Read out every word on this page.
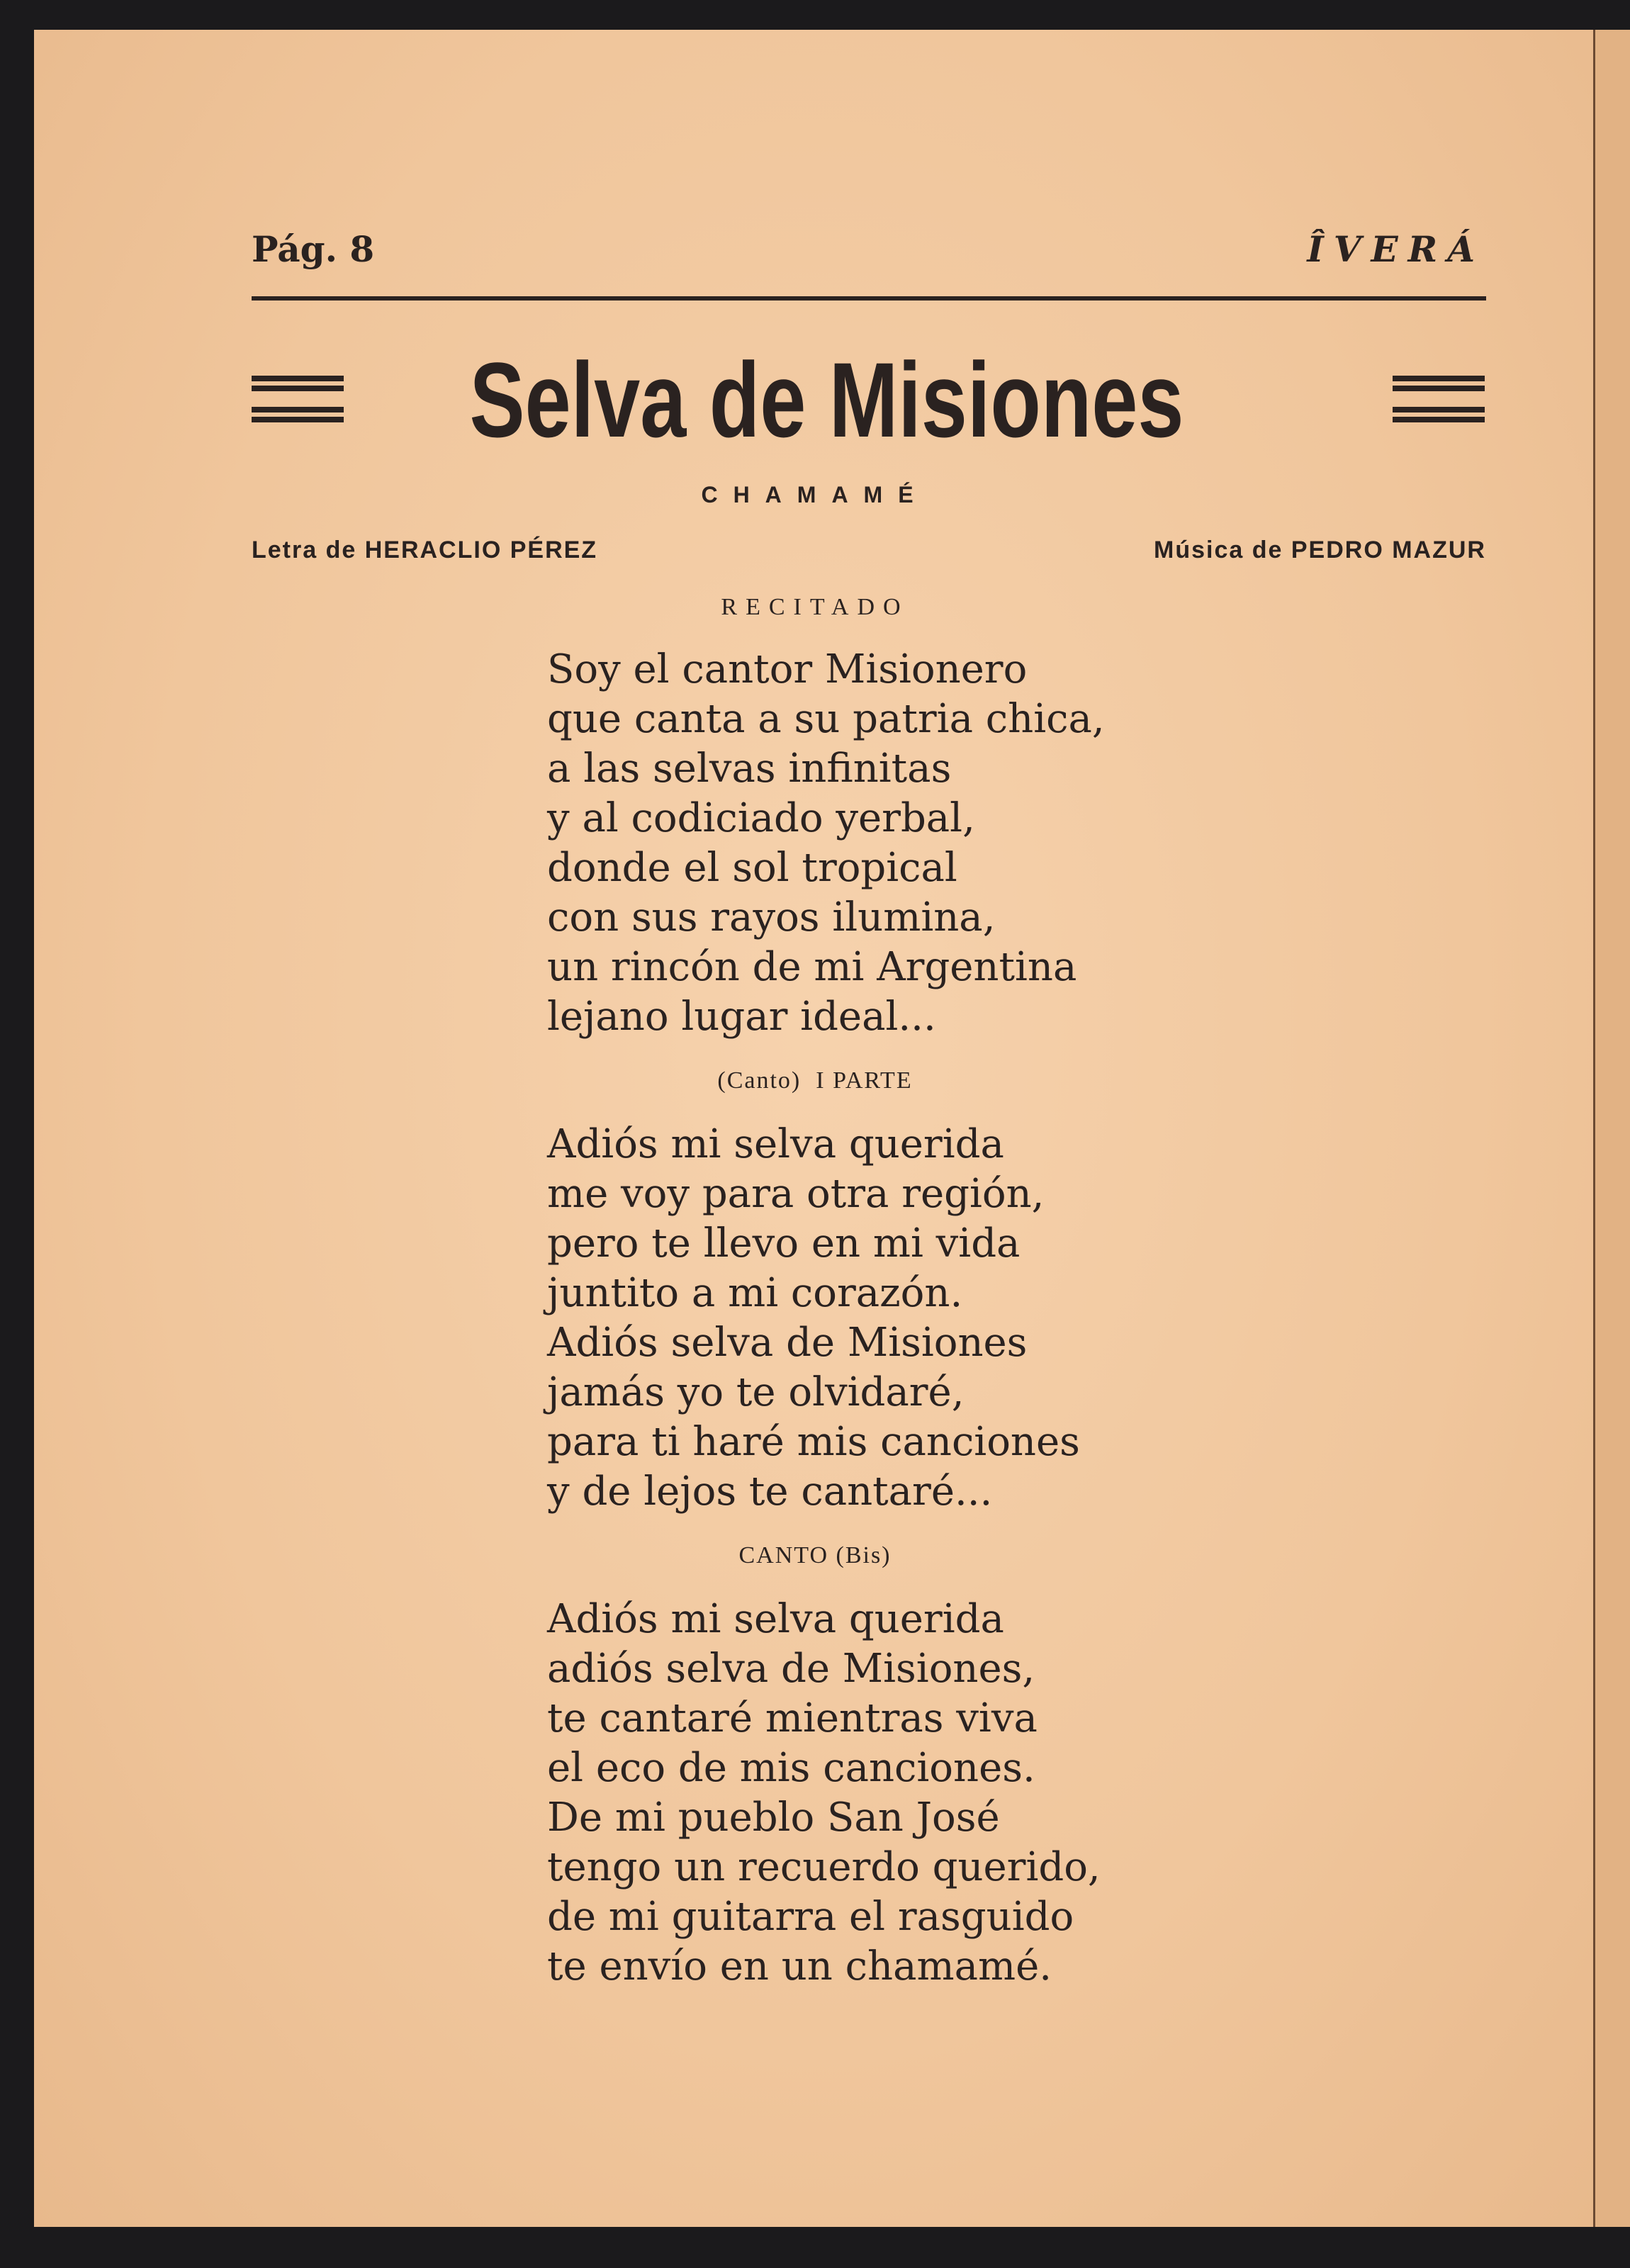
Pág. 8	ÎVERÁ
Selva de Misiones
CHAMAMÉ
Letra de HERACLIO PÉREZ	Música de PEDRO MAZUR
RECITADO
Soy el cantor Misionero
que canta a su patria chica,
a las selvas infinitas
y al codiciado yerbal,
donde el sol tropical
con sus rayos ilumina,
un rincón de mi Argentina
lejano lugar ideal...
(Canto)  I PARTE
Adiós mi selva querida
me voy para otra región,
pero te llevo en mi vida
juntito a mi corazón.
Adiós selva de Misiones
jamás yo te olvidaré,
para ti haré mis canciones
y de lejos te cantaré...
CANTO (Bis)
Adiós mi selva querida
adiós selva de Misiones,
te cantaré mientras viva
el eco de mis canciones.
De mi pueblo San José
tengo un recuerdo querido,
de mi guitarra el rasguido
te envío en un chamamé.
